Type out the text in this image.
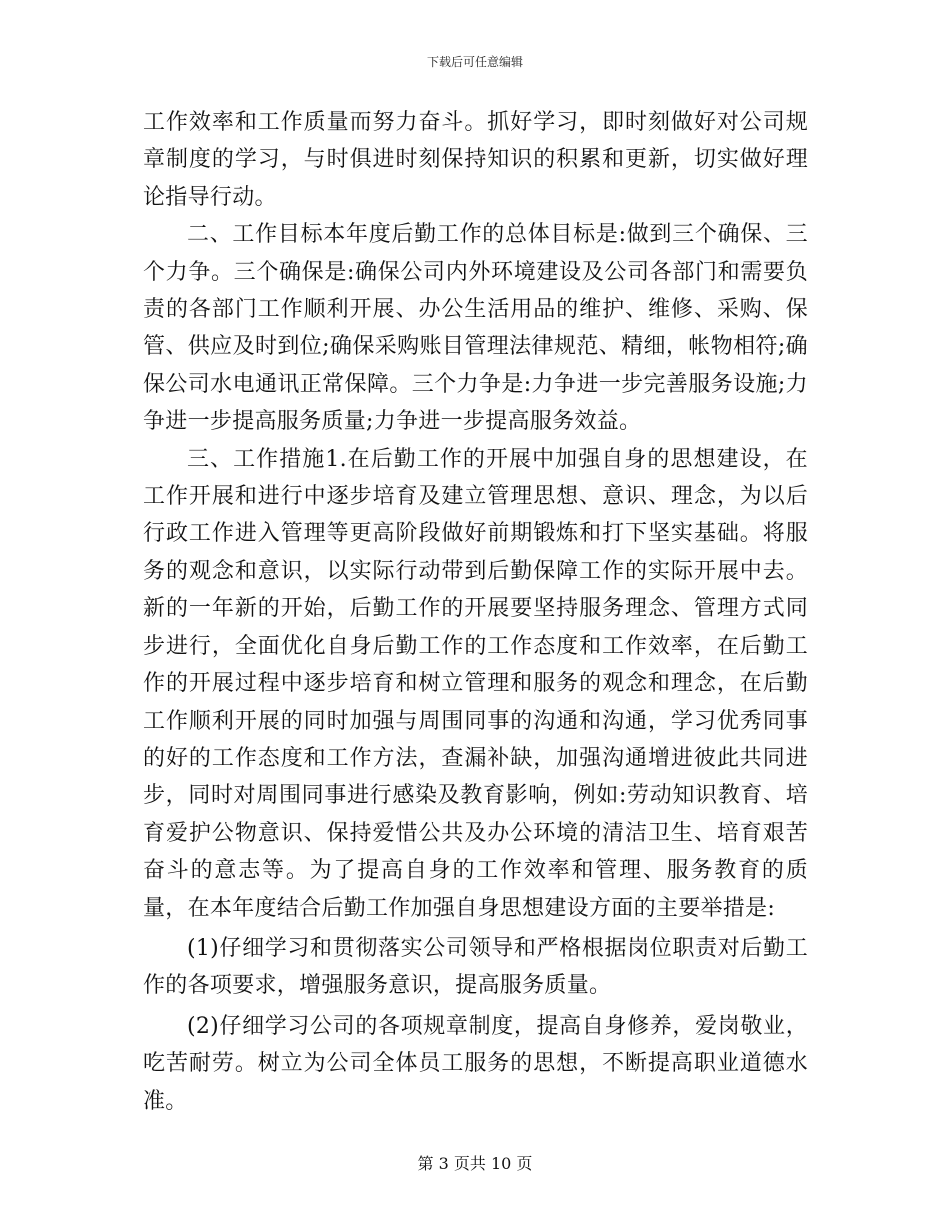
下载后可任意编辑

工作效率和工作质量而努力奋斗。抓好学习，即时刻做好对公司规章制度的学习，与时俱进时刻保持知识的积累和更新，切实做好理论指导行动。

二、工作目标本年度后勤工作的总体目标是:做到三个确保、三个力争。三个确保是:确保公司内外环境建设及公司各部门和需要负责的各部门工作顺利开展、办公生活用品的维护、维修、采购、保管、供应及时到位;确保采购账目管理法律规范、精细，帐物相符;确保公司水电通讯正常保障。三个力争是:力争进一步完善服务设施;力争进一步提高服务质量;力争进一步提高服务效益。

三、工作措施1.在后勤工作的开展中加强自身的思想建设，在工作开展和进行中逐步培育及建立管理思想、意识、理念，为以后行政工作进入管理等更高阶段做好前期锻炼和打下坚实基础。将服务的观念和意识，以实际行动带到后勤保障工作的实际开展中去。新的一年新的开始，后勤工作的开展要坚持服务理念、管理方式同步进行，全面优化自身后勤工作的工作态度和工作效率，在后勤工作的开展过程中逐步培育和树立管理和服务的观念和理念，在后勤工作顺利开展的同时加强与周围同事的沟通和沟通，学习优秀同事的好的工作态度和工作方法，查漏补缺，加强沟通增进彼此共同进步，同时对周围同事进行感染及教育影响，例如:劳动知识教育、培育爱护公物意识、保持爱惜公共及办公环境的清洁卫生、培育艰苦奋斗的意志等。为了提高自身的工作效率和管理、服务教育的质量，在本年度结合后勤工作加强自身思想建设方面的主要举措是:

(1)仔细学习和贯彻落实公司领导和严格根据岗位职责对后勤工作的各项要求，增强服务意识，提高服务质量。

(2)仔细学习公司的各项规章制度，提高自身修养，爱岗敬业，吃苦耐劳。树立为公司全体员工服务的思想，不断提高职业道德水准。

第 3 页共 10 页
